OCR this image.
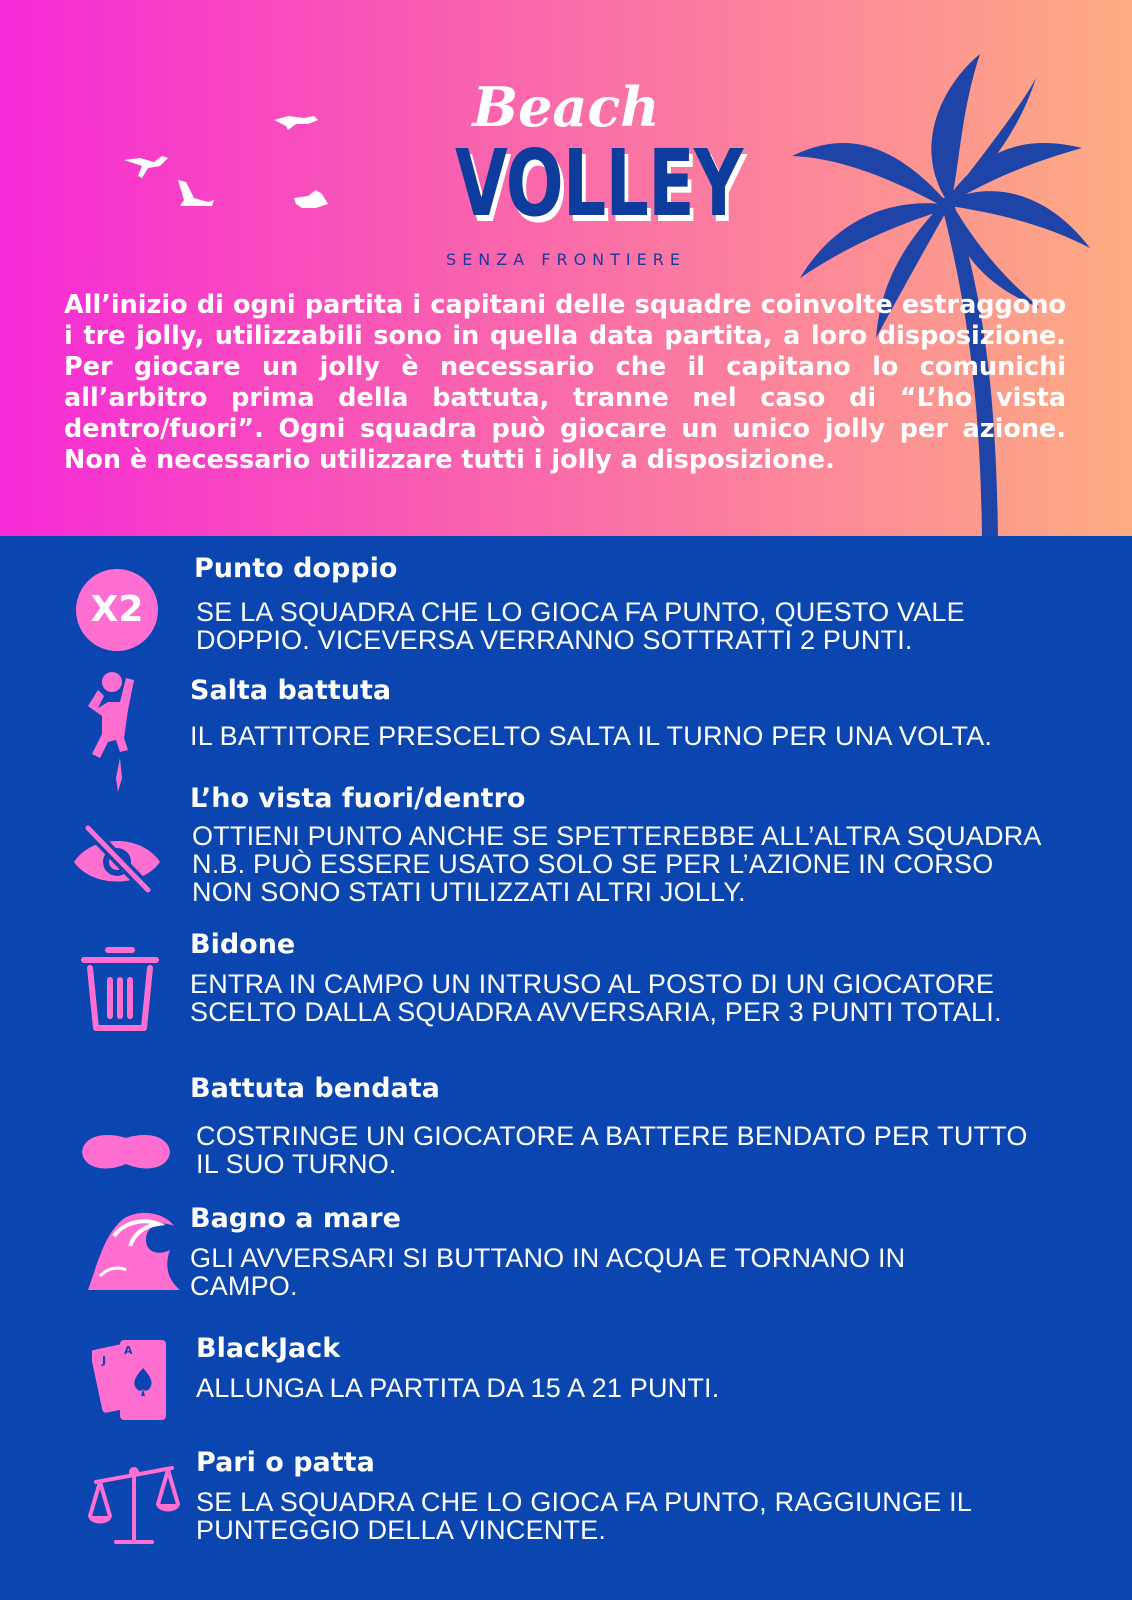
Beach
VOLLEY
SENZA FRONTIERE

All’inizio di ogni partita i capitani delle squadre coinvolte estraggono i tre jolly, utilizzabili sono in quella data partita, a loro disposizione. Per giocare un jolly è necessario che il capitano lo comunichi all’arbitro prima della battuta, tranne nel caso di “L’ho vista dentro/fuori”. Ogni squadra può giocare un unico jolly per azione. Non è necessario utilizzare tutti i jolly a disposizione.

X2
Punto doppio

SE LA SQUADRA CHE LO GIOCA FA PUNTO, QUESTO VALE
DOPPIO. VICEVERSA VERRANNO SOTTRATTI 2 PUNTI.

Salta battuta

IL BATTITORE PRESCELTO SALTA IL TURNO PER UNA VOLTA.

L’ho vista fuori/dentro

OTTIENI PUNTO ANCHE SE SPETTEREBBE ALL’ALTRA SQUADRA
N.B. PUÒ ESSERE USATO SOLO SE PER L’AZIONE IN CORSO
NON SONO STATI UTILIZZATI ALTRI JOLLY.

Bidone

ENTRA IN CAMPO UN INTRUSO AL POSTO DI UN GIOCATORE
SCELTO DALLA SQUADRA AVVERSARIA, PER 3 PUNTI TOTALI.

Battuta bendata

COSTRINGE UN GIOCATORE A BATTERE BENDATO PER TUTTO
IL SUO TURNO.

Bagno a mare

GLI AVVERSARI SI BUTTANO IN ACQUA E TORNANO IN
CAMPO.

J
A BlackJack

ALLUNGA LA PARTITA DA 15 A 21 PUNTI.

Pari o patta

SE LA SQUADRA CHE LO GIOCA FA PUNTO, RAGGIUNGE IL
PUNTEGGIO DELLA VINCENTE.
